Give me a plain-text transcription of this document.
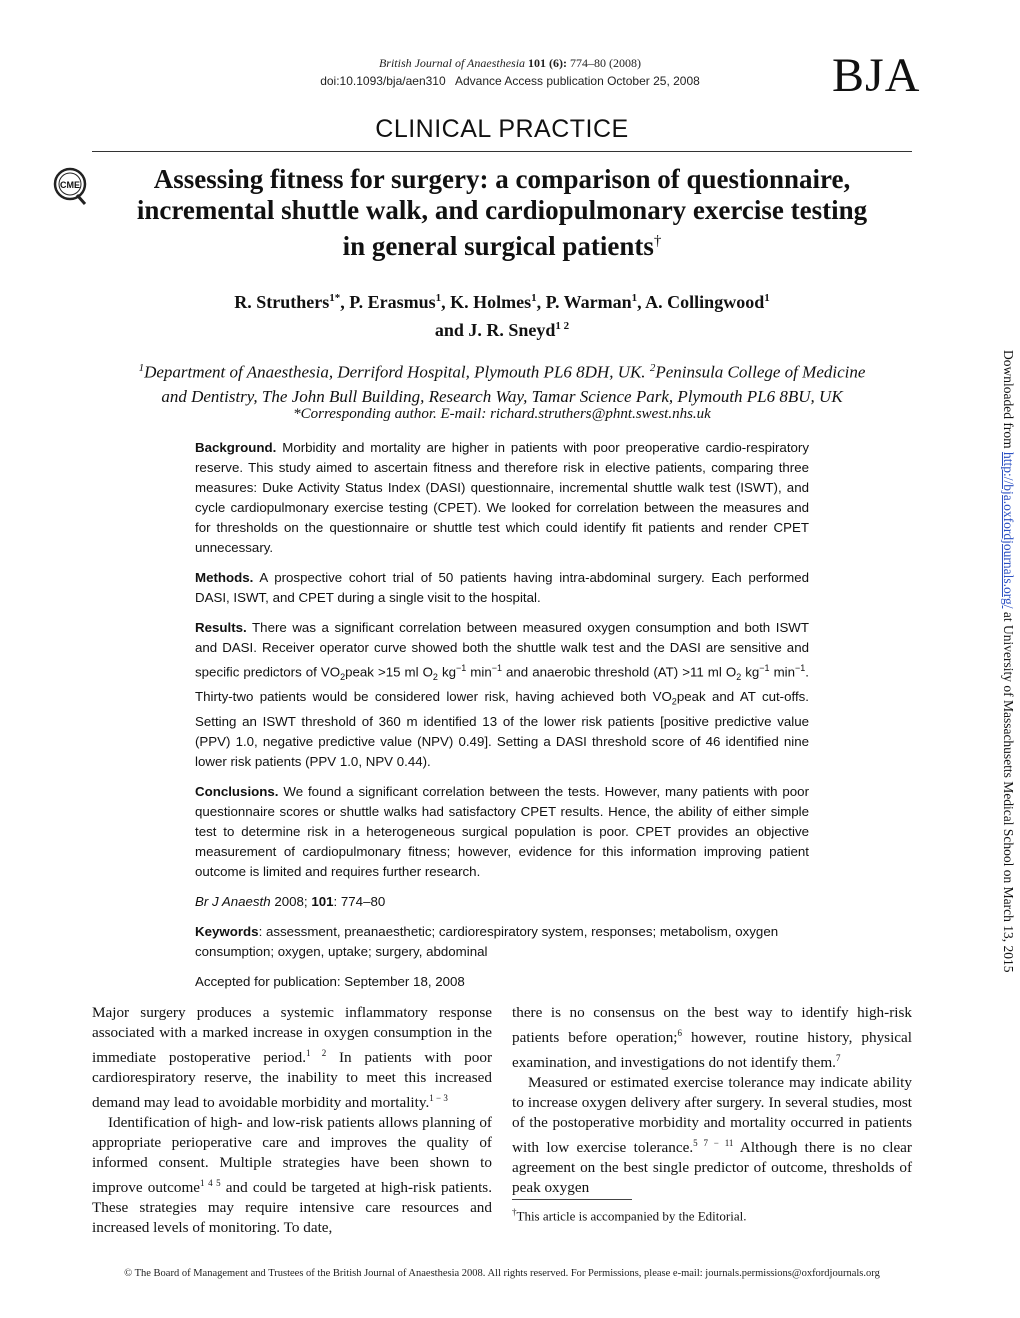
British Journal of Anaesthesia 101 (6): 774–80 (2008)
doi:10.1093/bja/aen310 Advance Access publication October 25, 2008	BJA
CLINICAL PRACTICE
CME	Assessing fitness for surgery: a comparison of questionnaire,
incremental shuttle walk, and cardiopulmonary exercise testing
in general surgical patients†
R. Struthers$^{1*}$, P. Erasmus$^1$, K. Holmes$^1$, P. Warman$^1$, A. Collingwood$^1$
and J. R. Sneyd$^{1 2}$
$^1$Department of Anaesthesia, Derriford Hospital, Plymouth PL6 8DH, UK. $^2$Peninsula College of Medicine
and Dentistry, The John Bull Building, Research Way, Tamar Science Park, Plymouth PL6 8BU, UK
*Corresponding author. E-mail: richard.struthers@phnt.swest.nhs.uk

Background. Morbidity and mortality are higher in patients with poor preoperative cardio-respiratory reserve. This study aimed to ascertain fitness and therefore risk in elective patients, comparing three measures: Duke Activity Status Index (DASI) questionnaire, incremental shuttle walk test (ISWT), and cycle cardiopulmonary exercise testing (CPET). We looked for correlation between the measures and for thresholds on the questionnaire or shuttle test which could identify fit patients and render CPET unnecessary.

Methods. A prospective cohort trial of 50 patients having intra-abdominal surgery. Each performed DASI, ISWT, and CPET during a single visit to the hospital.

Results. There was a significant correlation between measured oxygen consumption and both ISWT and DASI. Receiver operator curve showed both the shuttle walk test and the DASI are sensitive and specific predictors of $VO_2peak >15$ ml $O_2$ $kg^{-1}$ $\min^{-1}$ and anaerobic threshold (AT) >11 ml $O_2$ $kg^{-1}$ $\min^{-1}$. Thirty-two patients would be considered lower risk, having achieved both $VO_2peak$ and AT cut-offs. Setting an ISWT threshold of 360 m identified 13 of the lower risk patients [positive predictive value (PPV) 1.0, negative predictive value (NPV) 0.49]. Setting a DASI threshold score of 46 identified nine lower risk patients (PPV 1.0, NPV 0.44).

Conclusions. We found a significant correlation between the tests. However, many patients with poor questionnaire scores or shuttle walks had satisfactory CPET results. Hence, the ability of either simple test to determine risk in a heterogeneous surgical population is poor. CPET provides an objective measurement of cardiopulmonary fitness; however, evidence for this information improving patient outcome is limited and requires further research.

Br J Anaesth 2008; 101: 774–80

Keywords: assessment, preanaesthetic; cardiorespiratory system, responses; metabolism, oxygen consumption; oxygen, uptake; surgery, abdominal

Accepted for publication: September 18, 2008

Major surgery produces a systemic inflammatory response associated with a marked increase in oxygen consumption in the immediate postoperative period.$^{1 2}$ In patients with poor cardiorespiratory reserve, the inability to meet this increased demand may lead to avoidable morbidity and mortality.$^{1 - 3}$

Identification of high- and low-risk patients allows planning of appropriate perioperative care and improves the quality of informed consent. Multiple strategies have been shown to improve outcome$^{1 4 5}$ and could be targeted at high-risk patients. These strategies may require intensive care resources and increased levels of monitoring. To date,

there is no consensus on the best way to identify high-risk patients before operation;$^6$ however, routine history, physical examination, and investigations do not identify them.$^7$

Measured or estimated exercise tolerance may indicate ability to increase oxygen delivery after surgery. In several studies, most of the postoperative morbidity and mortality occurred in patients with low exercise tolerance.$^{5 7 - 11}$ Although there is no clear agreement on the best single predictor of outcome, thresholds of peak oxygen

†This article is accompanied by the Editorial.
© The Board of Management and Trustees of the British Journal of Anaesthesia 2008. All rights reserved. For Permissions, please e-mail: journals.permissions@oxfordjournals.org
Downloaded from http://bja.oxfordjournals.org/ at University of Massachusetts Medical School on March 13, 2015
